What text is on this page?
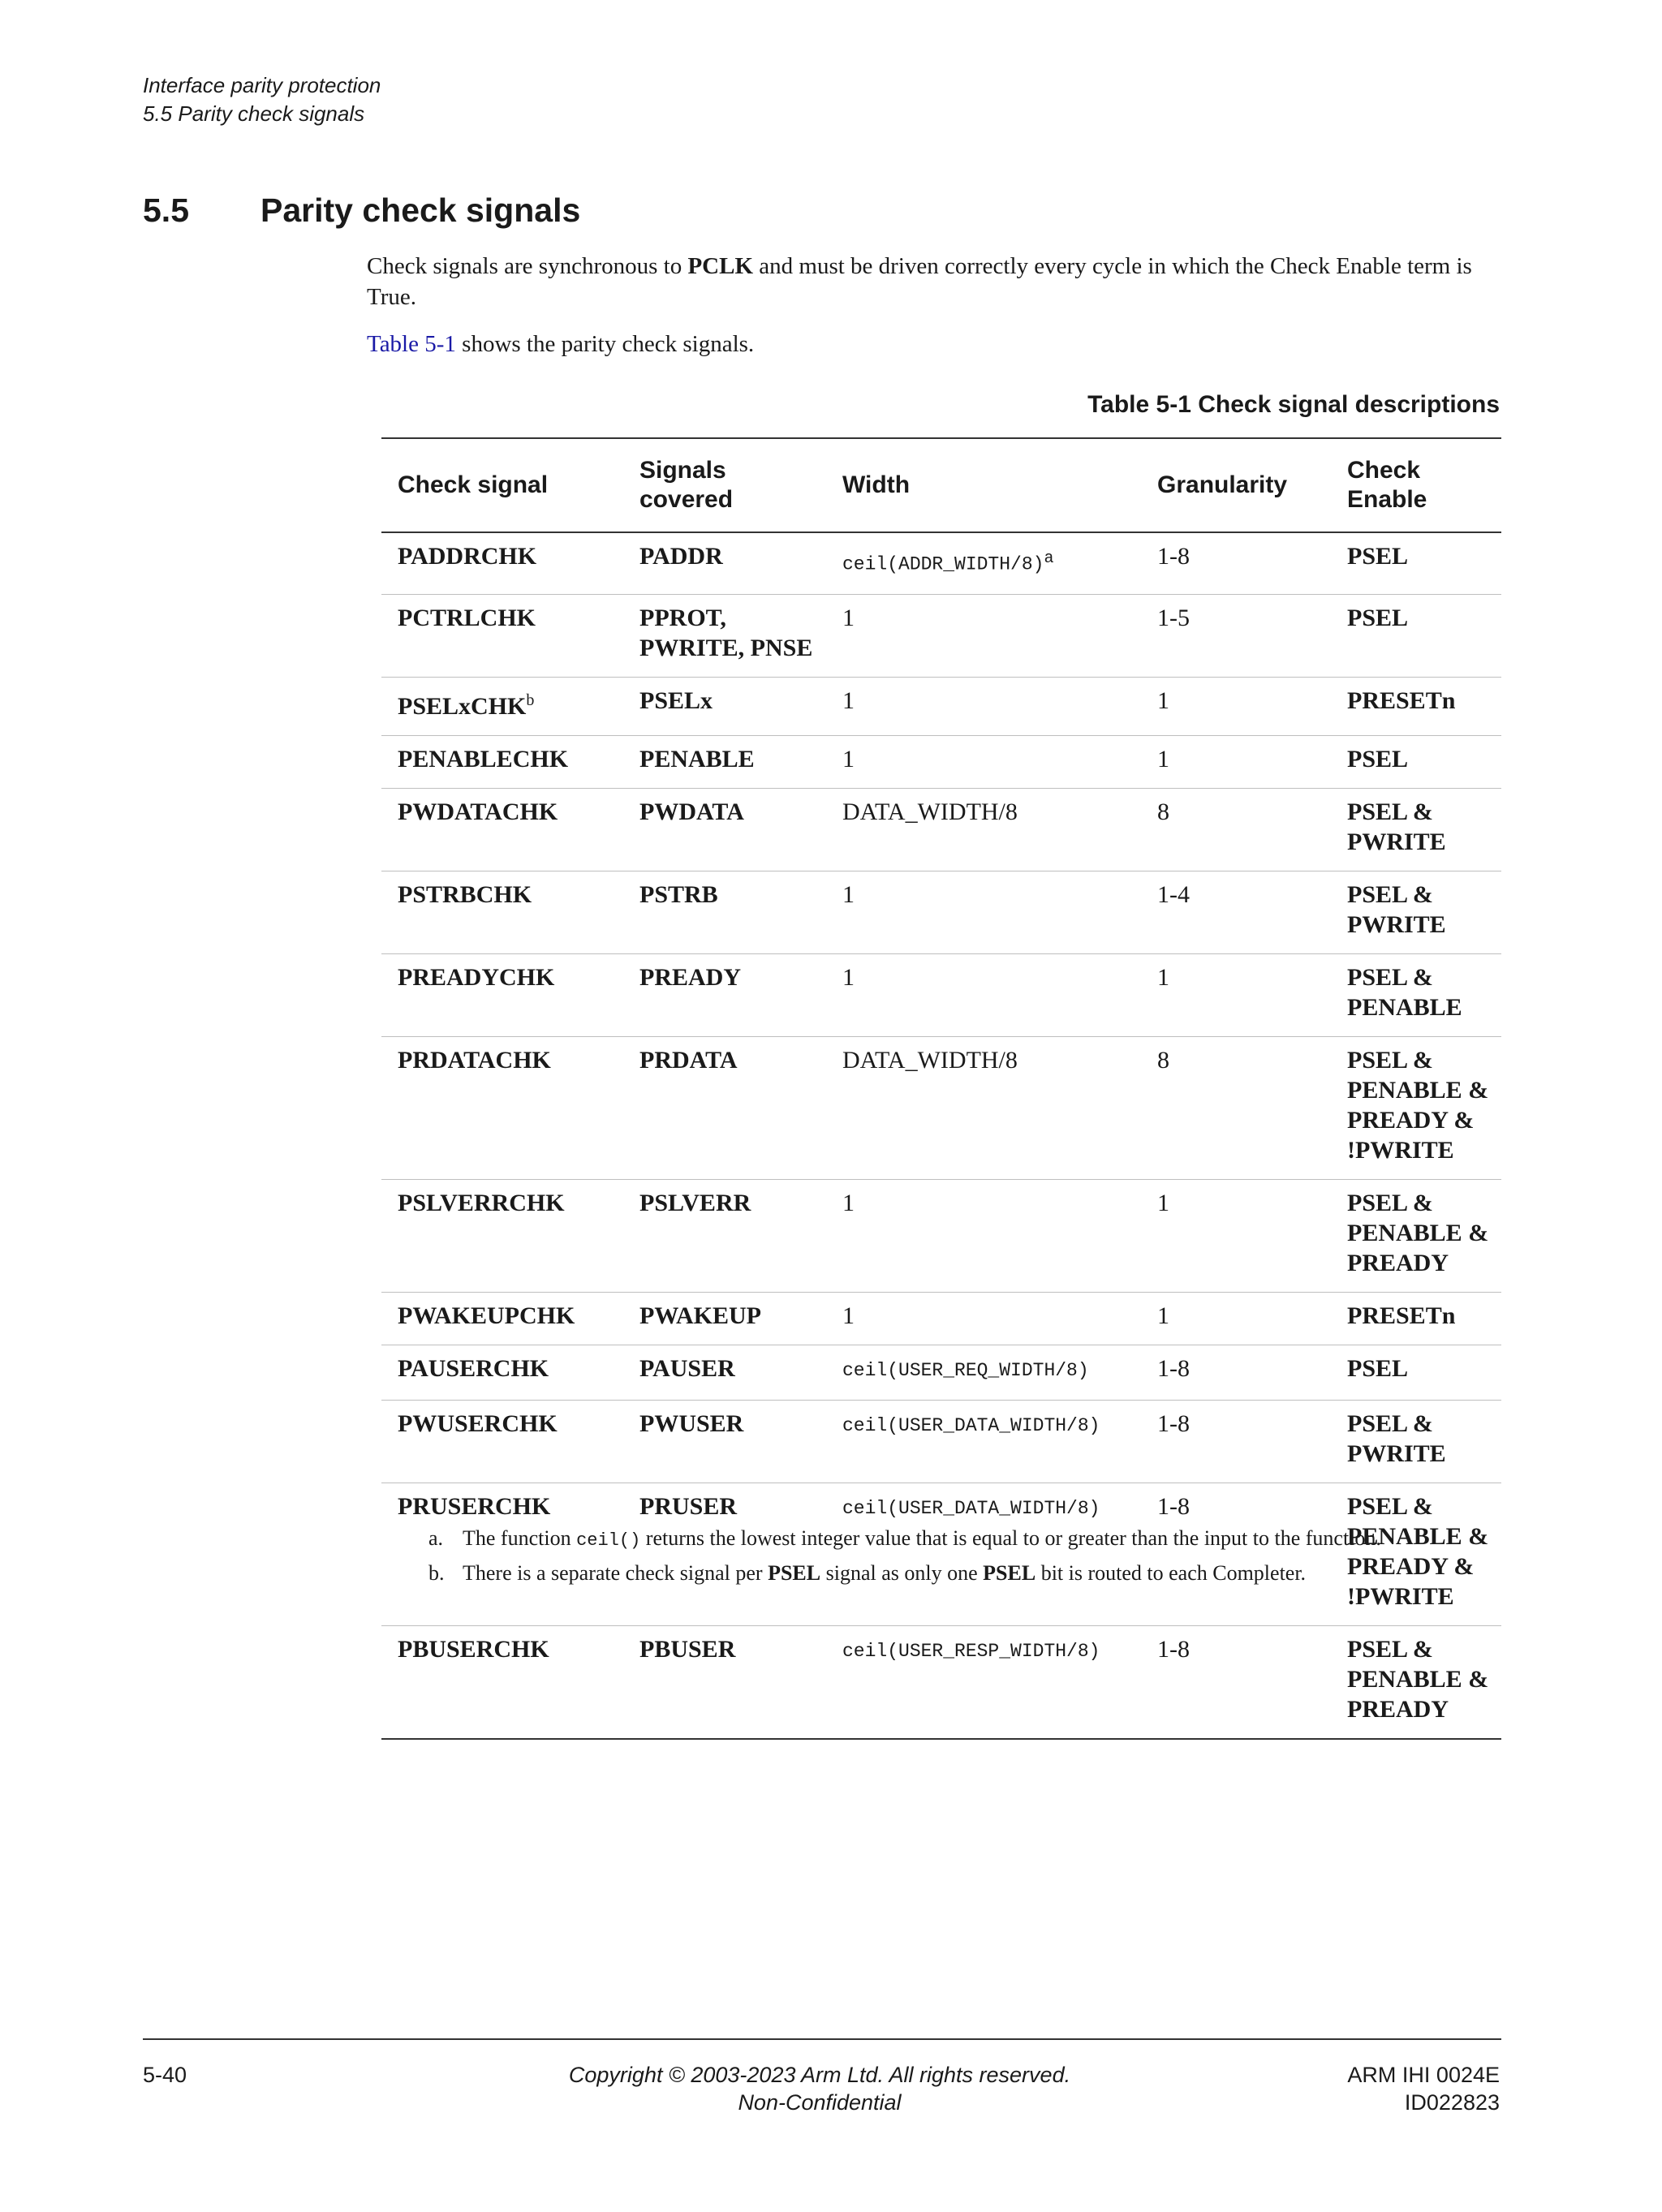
Interface parity protection
5.5 Parity check signals
5.5 Parity check signals
Check signals are synchronous to PCLK and must be driven correctly every cycle in which the Check Enable term is True.
Table 5-1 shows the parity check signals.
Table 5-1 Check signal descriptions
Check signal	Signals covered	Width	Granularity	Check Enable
PADDRCHK	PADDR	ceil(ADDR_WIDTH/8)$^a$	1-8	PSEL
PCTRLCHK	PPROT, PWRITE, PNSE	1	1-5	PSEL
PSELxCHK$^b$	PSELx	1	1	PRESETn
PENABLECHK	PENABLE	1	1	PSEL
PWDATACHK	PWDATA	DATA_WIDTH/8	8	PSEL & PWRITE
PSTRBCHK	PSTRB	1	1-4	PSEL & PWRITE
PREADYCHK	PREADY	1	1	PSEL & PENABLE
PRDATACHK	PRDATA	DATA_WIDTH/8	8	PSEL & PENABLE & PREADY & !PWRITE
PSLVERRCHK	PSLVERR	1	1	PSEL & PENABLE & PREADY
PWAKEUPCHK	PWAKEUP	1	1	PRESETn
PAUSERCHK	PAUSER	ceil(USER_REQ_WIDTH/8)	1-8	PSEL
PWUSERCHK	PWUSER	ceil(USER_DATA_WIDTH/8)	1-8	PSEL & PWRITE
PRUSERCHK	PRUSER	ceil(USER_DATA_WIDTH/8)	1-8	PSEL & PENABLE & PREADY & !PWRITE
PBUSERCHK	PBUSER	ceil(USER_RESP_WIDTH/8)	1-8	PSEL & PENABLE & PREADY
a. The function ceil() returns the lowest integer value that is equal to or greater than the input to the function.
b. There is a separate check signal per PSEL signal as only one PSEL bit is routed to each Completer.
5-40	Copyright © 2003-2023 Arm Ltd. All rights reserved.
Non-Confidential
ARM IHI 0024E
ID022823
